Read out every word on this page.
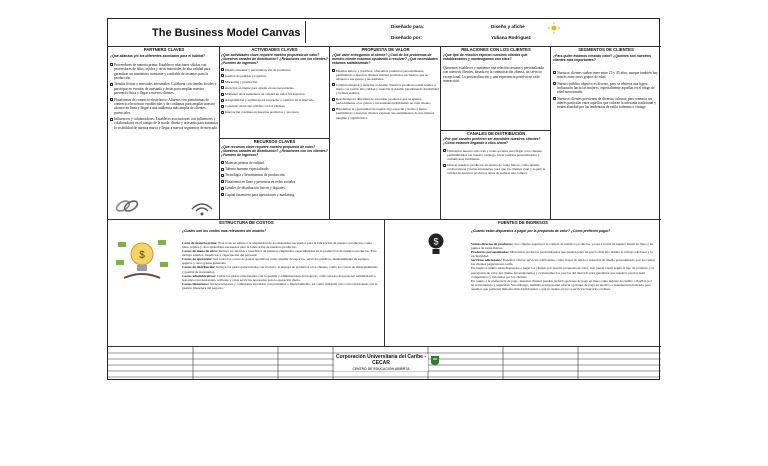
The Business Model Canvas
Diseñado para:	Diseño y afiche
Diseñado por:	Yuliana Rodriguez
PARTNERS CLAVES
¿Qué alianzas y/o los diferentes asociados para el hábitat?
Proveedores de materia prima: Establecer relaciones sólidas con proveedores de hilos, tejidos y otros materiales de alta calidad para garantizar un suministro constante y confiable de insumos para la producción.
Tiendas físicas y mercados artesanales: Colaborar con tiendas locales y participar en eventos de artesanía y ferias para ampliar nuestra presencia física y llegar a nuevos clientes.
Plataformas de comercio electrónico: Aliarnos con plataformas de comercio electrónico establecidas y de confianza para ampliar nuestro alcance en línea y llegar a una audiencia más amplia de clientes potenciales.
Influencers y colaboradores: Establecer asociaciones con influencers y colaboradores en el campo de la moda, diseño y artesanía para aumentar la visibilidad de nuestra marca y llegar a nuevos segmentos de mercado.
ACTIVIDADES CLAVES
¿Qué actividades clave requiere nuestra propuesta de valor? ¿Nuestros canales de distribución? ¿Relaciones con los clientes? ¿Fuentes de ingresos?
Diseño artesanal y personalización de productos.
Gestión de pedidos y logística.
Marketing y promoción.
Atención al cliente para ayudar en sus necesidades.
Mantener altos estándares de calidad en todos los aspectos.
Adaptabilidad y agilidad para responder a cambios en el mercado.
Construir relaciones sólidas con los clientes.
Innovación continua en nuestros productos y procesos.
RECURSOS CLAVES
¿Qué recursos clave requiere nuestra propuesta de valor? ¿Nuestros canales de distribución? ¿Relaciones con los clientes? ¿Fuentes de ingresos?
Materias primas de calidad.
Talento humano especializado.
Tecnología y herramientas de producción.
Plataforma en línea y presencia en redes sociales.
Canales de distribución físicos y digitales.
Capital financiero para operaciones y marketing.
PROPUESTA DE VALOR
¿Qué valor entregamos al cliente? ¿Cuál de los problemas de nuestro cliente estamos ayudando a resolver? ¿Qué necesidades estamos satisfaciendo?
Diseños únicos y creativos: ofrecemos productos personalizados, permitiendo a nuestros clientes obtener productos exclusivos que se adapten a sus gustos y necesidades.
Calidad artesanal y atención al detalle: Nuestros productos están tejidos a mano con la más alta calidad y atención al detalle, garantizando durabilidad y belleza estética.
Resolvemos la dificultad de encontrar productos que se ajusten perfectamente a los gustos y necesidades individuales de cada cliente.
Brindamos la oportunidad de regalar algo especial y hecho a mano, permitiendo a nuestros clientes expresar sus sentimientos de una manera tangible y significativa.
RELACIONES CON LOS CLIENTES
¿Qué tipo de relación esperan nuestros clientes que establezcamos y mantengamos con ellos?
Queremos establecer y mantener una relación cercana y personalizada con nuestros clientes, basada en la comunicación abierta, un servicio excepcional. La personalización y una experiencia positiva en cada interacción.
CANALES DE DISTRIBUCIÓN
¿Por qué canales prefieren ser atendidos nuestros clientes? ¿Cómo estamos llegando a ellos ahora?
Utilizamos nuestro sitio web y redes sociales para llegar a los clientes, permitiéndoles ver nuestro catálogo, hacer pedidos personalizados y comunicarse fácilmente.
Ofrecer nuestros productos en puntos de venta físicos, como tiendas colaboradoras y ferias artesanales, para que los clientes vean y toquen la calidad de nuestros productos antes de realizar una compra.
SEGMENTOS DE CLIENTES
¿Para quién estamos creando valor? ¿Quiénes son nuestros clientes más importantes?
Nuestros clientes suelen tener entre 25 y 45 años, aunque también hay interés entre otros grupos de edad.
Nuestro público objetivo es diverso, pero se observa una ligera inclinación hacia las mujeres, especialmente aquellas en el rango de edad mencionado.
Nuestros clientes provienen de diversas culturas, pero tenemos un interés particular entre aquellos que valoran la artesanía tradicional y tienen afinidad por las tendencias de estilo bohemio o vintage.
ESTRUCTURA DE COSTOS
¿Cuáles son los costos más relevantes del modelo?
$

Costo de materia prima: Este costo se refiere a la adquisición de los materiales necesarios para la fabricación de nuestros productos, como hilos, tejidos y otros materiales necesarios para la fabricación de nuestros productos.

Costos de mano de obra: Incluye los salarios y beneficios de nuestros empleados, especializados en la producción de nuestros productos. Esto incluye salarios, beneficios y capacitación del personal.

Costos de operación: Son todos los costos de gastos operativos como alquiler de espacios, servicios públicos, mantenimiento de equipos, seguros y otros gastos generales.

Costos de distribución: Incluye los gastos relacionados con el envío, la entrega de productos a los clientes, como los costos de almacenamiento y gestión de inventarios.

Costos administrativos: Cubre los gastos relacionados con la gestión y administración del negocio, como salarios del personal administrativo, honorarios profesionales, software y otros servicios necesarios para la operación diaria.

Costos financieros: Incluye intereses y comisiones asociados con préstamos o financiamiento, así como cualquier otro costo relacionado con la gestión financiera del negocio.

FUENTES DE INGRESOS
$
¿Cuánto están dispuestos a pagar por la propuesta de valor? ¿Cómo prefieren pagar?

Ventas directas de productos: Los clientes pagan por la compra de nuestros productos, ya sea a través de nuestra tienda en línea o en puntos de venta físicos.

Productos personalizados: Ofrecemos productos personalizados que pueden tener un precio más alto debido al trabajo adicional y la exclusividad.

Servicios adicionales: Podemos ofrecer servicios adicionales, como clases de tejido o asesorías de diseño personalizado, por los cuales los clientes pagarían una tarifa.

En cuanto a cuánto están dispuestos a pagar los clientes por nuestra propuesta de valor, esto puede variar según el tipo de producto y la percepción de valor del cliente. Investigaremos y evaluaremos los precios del mercado para garantizar que nuestros precios sean competitivos y valorados por los clientes.

En cuanto a la preferencia de pago, nuestros clientes pueden preferir opciones de pago en línea como tarjetas de crédito o PayPal, por su conveniencia y seguridad. Sin embargo, también es importante ofrecer opciones de pago en efectivo o transferencia bancaria para aquellos que prefieren métodos más tradicionales o que no tienen acceso a servicios bancarios en línea.

Corporación Universitaria del Caribe - CECAR
CENTRO DE EDUCACIÓN ABIERTA
